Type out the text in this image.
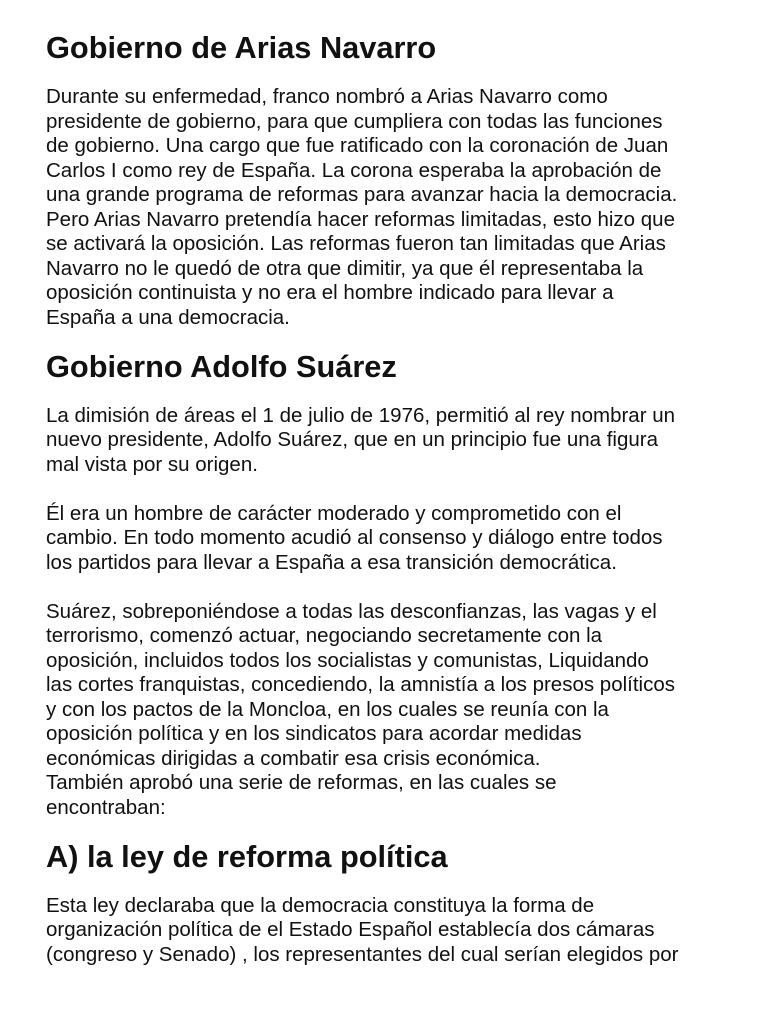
Gobierno de Arias Navarro

Durante su enfermedad, franco nombró a Arias Navarro como
presidente de gobierno, para que cumpliera con todas las funciones
de gobierno. Una cargo que fue ratificado con la coronación de Juan
Carlos I como rey de España. La corona esperaba la aprobación de
una grande programa de reformas para avanzar hacia la democracia.
Pero Arias Navarro pretendía hacer reformas limitadas, esto hizo que
se activará la oposición. Las reformas fueron tan limitadas que Arias
Navarro no le quedó de otra que dimitir, ya que él representaba la
oposición continuista y no era el hombre indicado para llevar a
España a una democracia.

Gobierno Adolfo Suárez

La dimisión de áreas el 1 de julio de 1976, permitió al rey nombrar un
nuevo presidente, Adolfo Suárez, que en un principio fue una figura
mal vista por su origen.

Él era un hombre de carácter moderado y comprometido con el
cambio. En todo momento acudió al consenso y diálogo entre todos
los partidos para llevar a España a esa transición democrática.

Suárez, sobreponiéndose a todas las desconfianzas, las vagas y el
terrorismo, comenzó actuar, negociando secretamente con la
oposición, incluidos todos los socialistas y comunistas, Liquidando
las cortes franquistas, concediendo, la amnistía a los presos políticos
y con los pactos de la Moncloa, en los cuales se reunía con la
oposición política y en los sindicatos para acordar medidas
económicas dirigidas a combatir esa crisis económica.
También aprobó una serie de reformas, en las cuales se
encontraban:

A) la ley de reforma política

Esta ley declaraba que la democracia constituya la forma de
organización política de el Estado Español establecía dos cámaras
(congreso y Senado) , los representantes del cual serían elegidos por
